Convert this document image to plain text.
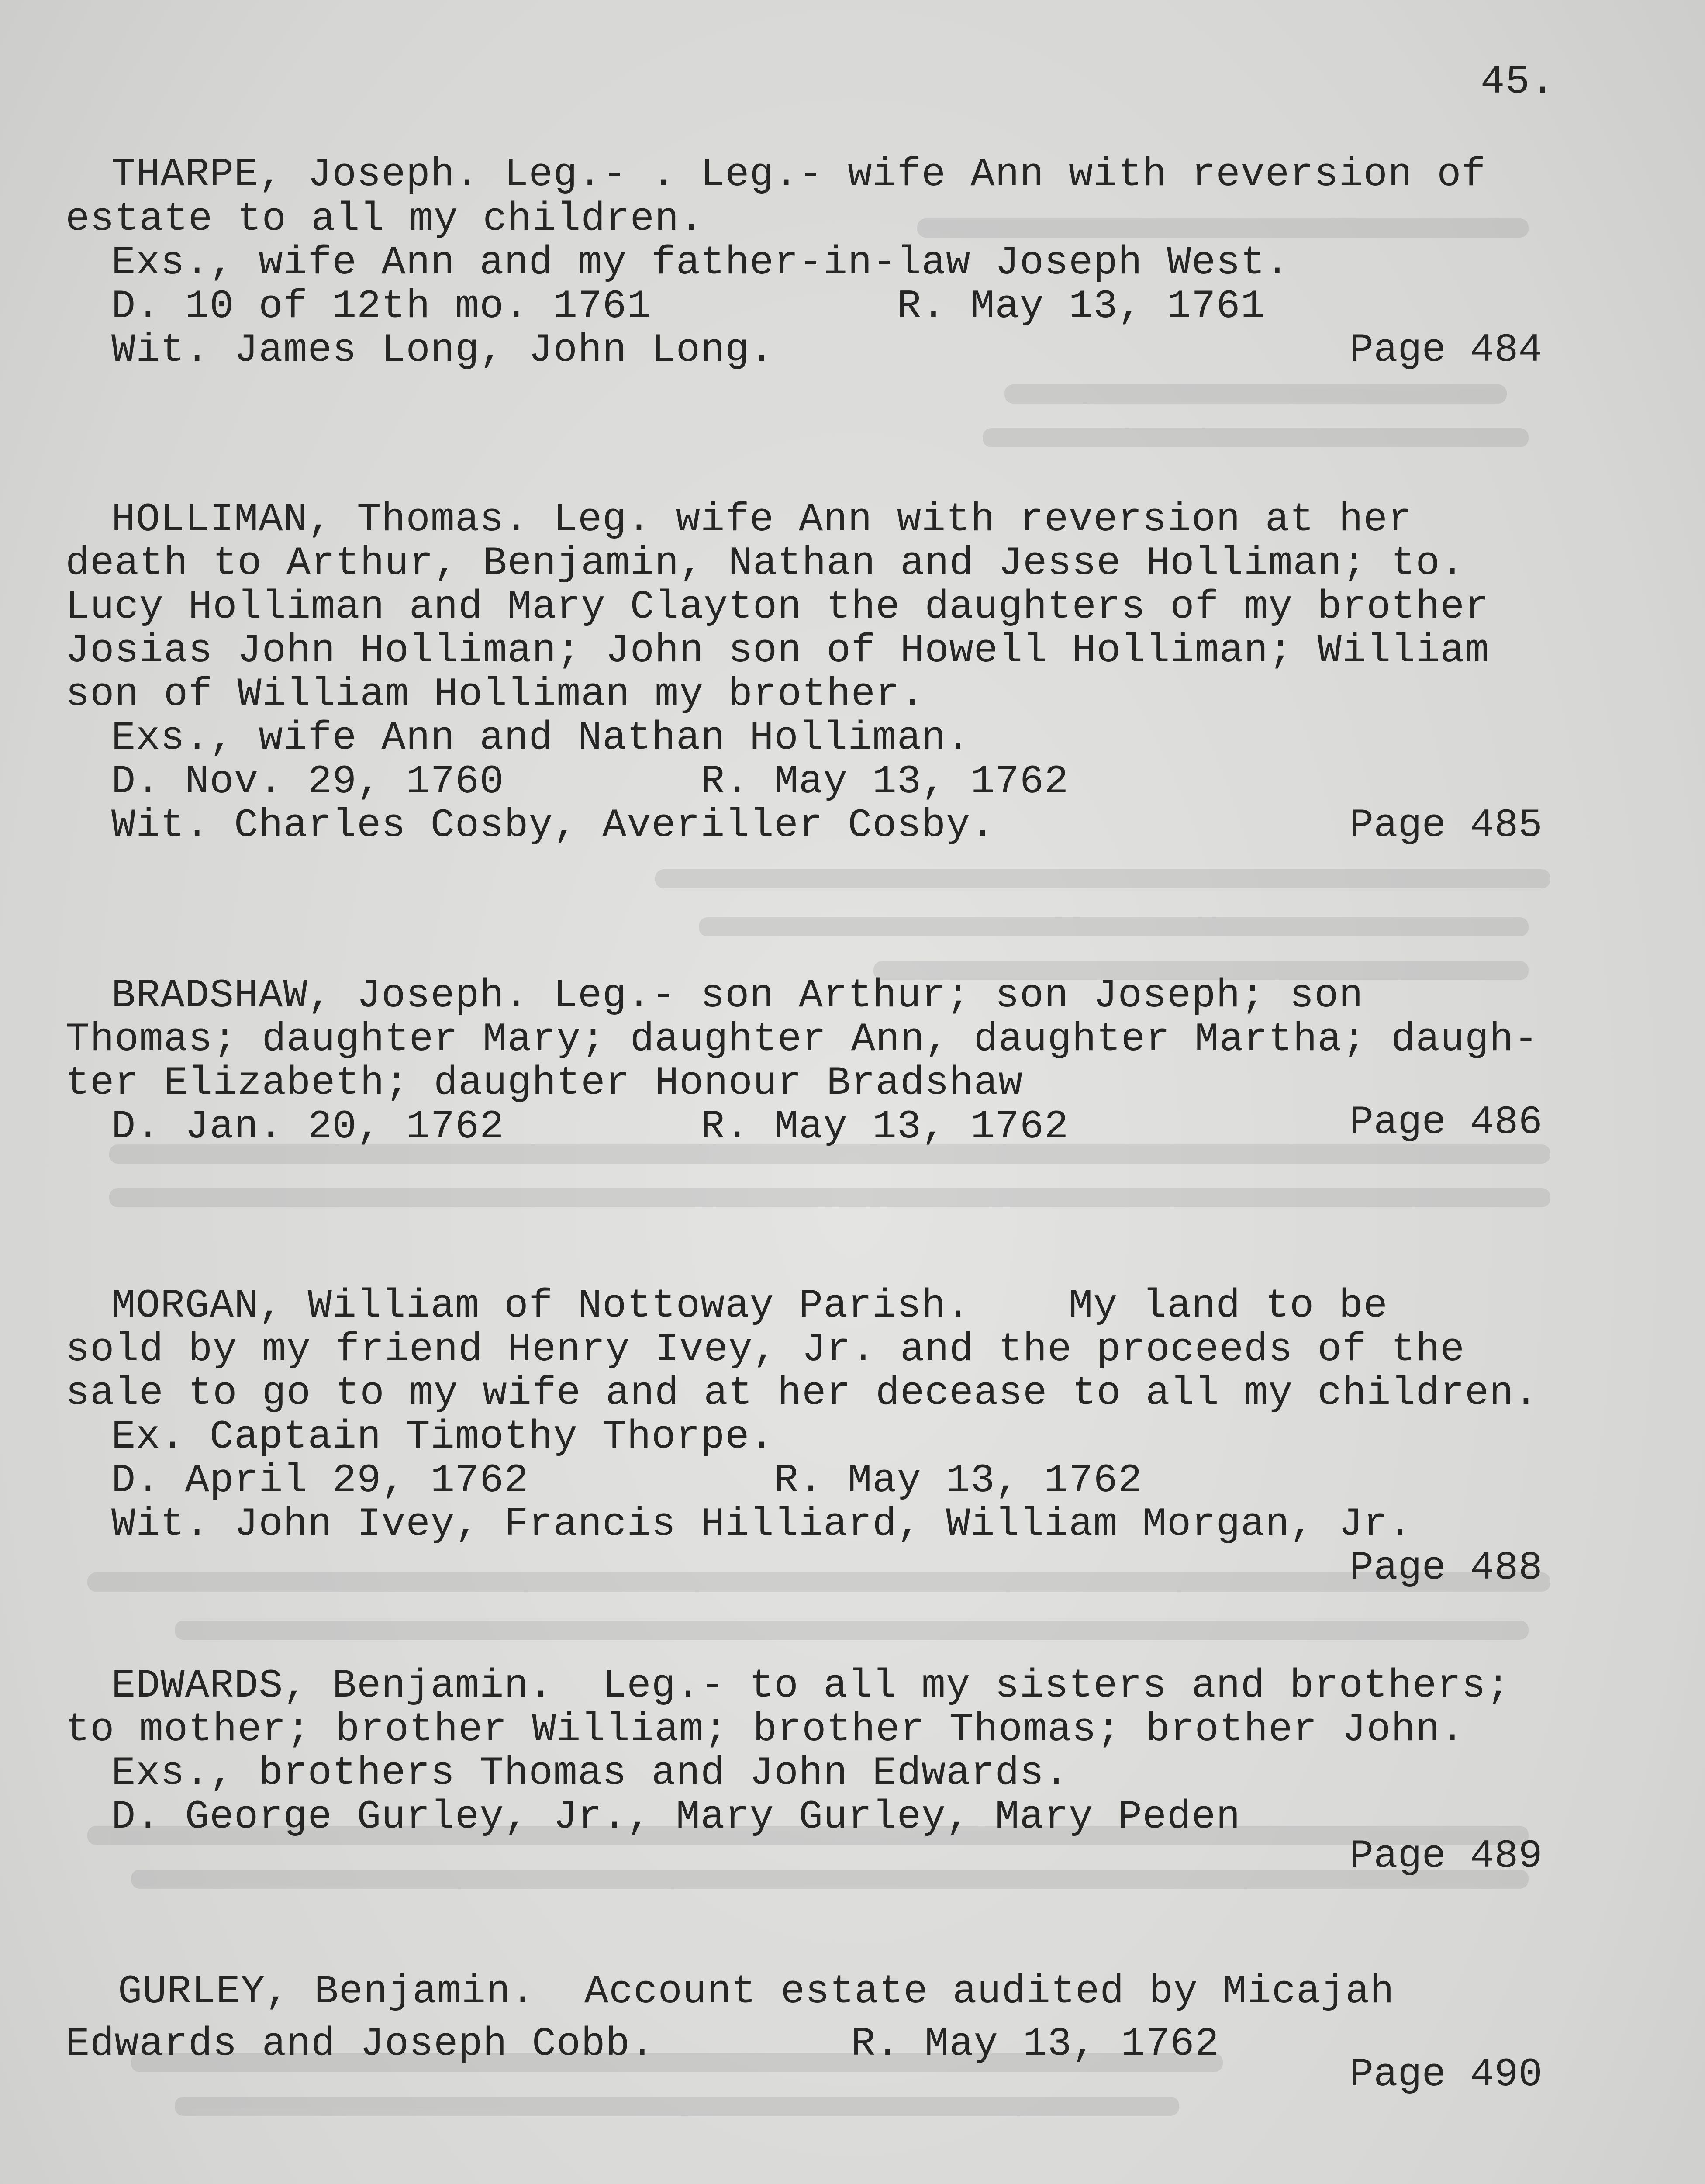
45.
THARPE, Joseph. Leg.- . Leg.- wife Ann with reversion of
estate to all my children.
Exs., wife Ann and my father-in-law Joseph West.
D. 10 of 12th mo. 1761          R. May 13, 1761
Wit. James Long, John Long.	Page 484
HOLLIMAN, Thomas. Leg. wife Ann with reversion at her
death to Arthur, Benjamin, Nathan and Jesse Holliman; to.
Lucy Holliman and Mary Clayton the daughters of my brother
Josias John Holliman; John son of Howell Holliman; William
son of William Holliman my brother.
Exs., wife Ann and Nathan Holliman.
D. Nov. 29, 1760        R. May 13, 1762
Wit. Charles Cosby, Averiller Cosby.	Page 485
BRADSHAW, Joseph. Leg.- son Arthur; son Joseph; son
Thomas; daughter Mary; daughter Ann, daughter Martha; daugh-
ter Elizabeth; daughter Honour Bradshaw
D. Jan. 20, 1762        R. May 13, 1762	Page 486
MORGAN, William of Nottoway Parish.    My land to be
sold by my friend Henry Ivey, Jr. and the proceeds of the
sale to go to my wife and at her decease to all my children.
Ex. Captain Timothy Thorpe.
D. April 29, 1762          R. May 13, 1762
Wit. John Ivey, Francis Hilliard, William Morgan, Jr.
Page 488
EDWARDS, Benjamin.  Leg.- to all my sisters and brothers;
to mother; brother William; brother Thomas; brother John.
Exs., brothers Thomas and John Edwards.
D. George Gurley, Jr., Mary Gurley, Mary Peden
Page 489
GURLEY, Benjamin.  Account estate audited by Micajah
Edwards and Joseph Cobb.        R. May 13, 1762
Page 490
